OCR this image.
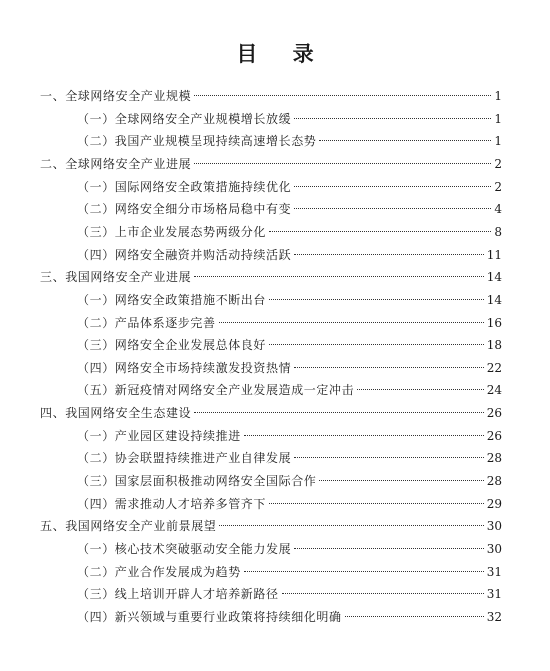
目 录
一、全球网络安全产业规模	1
（一）全球网络安全产业规模增长放缓	1
（二）我国产业规模呈现持续高速增长态势	1
二、全球网络安全产业进展	2
（一）国际网络安全政策措施持续优化	2
（二）网络安全细分市场格局稳中有变	4
（三）上市企业发展态势两级分化	8
（四）网络安全融资并购活动持续活跃	11
三、我国网络安全产业进展	14
（一）网络安全政策措施不断出台	14
（二）产品体系逐步完善	16
（三）网络安全企业发展总体良好	18
（四）网络安全市场持续激发投资热情	22
（五）新冠疫情对网络安全产业发展造成一定冲击	24
四、我国网络安全生态建设	26
（一）产业园区建设持续推进	26
（二）协会联盟持续推进产业自律发展	28
（三）国家层面积极推动网络安全国际合作	28
（四）需求推动人才培养多管齐下	29
五、我国网络安全产业前景展望	30
（一）核心技术突破驱动安全能力发展	30
（二）产业合作发展成为趋势	31
（三）线上培训开辟人才培养新路径	31
（四）新兴领域与重要行业政策将持续细化明确	32
